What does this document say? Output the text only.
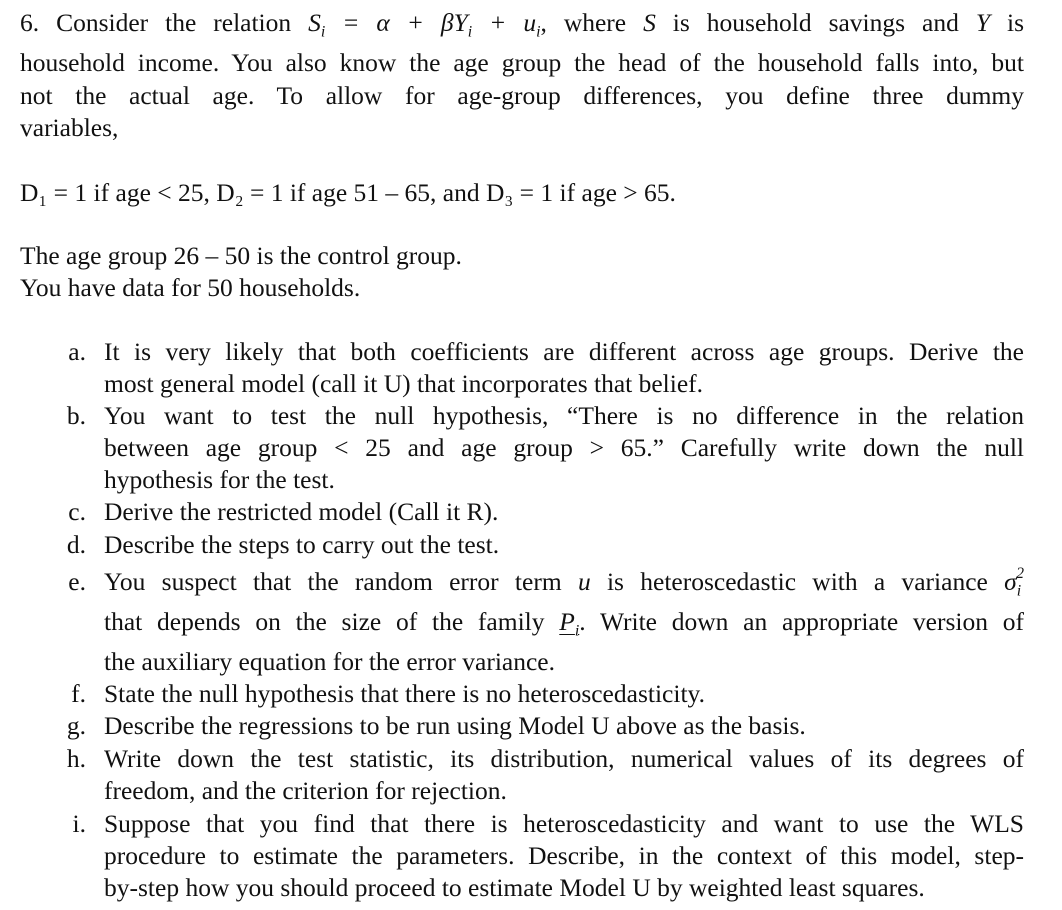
6. Consider the relation $S_i = \alpha + \beta Y_i + u_i$, where S is household savings and Y is
household income. You also know the age group the head of the household falls into, but
not the actual age. To allow for age-group differences, you define three dummy
variables,
D₁ = 1 if age < 25, D₂ = 1 if age 51 – 65, and D₃ = 1 if age > 65.
The age group 26 – 50 is the control group.
You have data for 50 households.
a. It is very likely that both coefficients are different across age groups. Derive the
most general model (call it U) that incorporates that belief.
b. You want to test the null hypothesis, “There is no difference in the relation
between age group < 25 and age group > 65.” Carefully write down the null
hypothesis for the test.
c. Derive the restricted model (Call it R).
d. Describe the steps to carry out the test.
e. You suspect that the random error term u is heteroscedastic with a variance $\sigma_i^2$
that depends on the size of the family $P_i$. Write down an appropriate version of
the auxiliary equation for the error variance.
f. State the null hypothesis that there is no heteroscedasticity.
g. Describe the regressions to be run using Model U above as the basis.
h. Write down the test statistic, its distribution, numerical values of its degrees of
freedom, and the criterion for rejection.
i. Suppose that you find that there is heteroscedasticity and want to use the WLS
procedure to estimate the parameters. Describe, in the context of this model, step-
by-step how you should proceed to estimate Model U by weighted least squares.
